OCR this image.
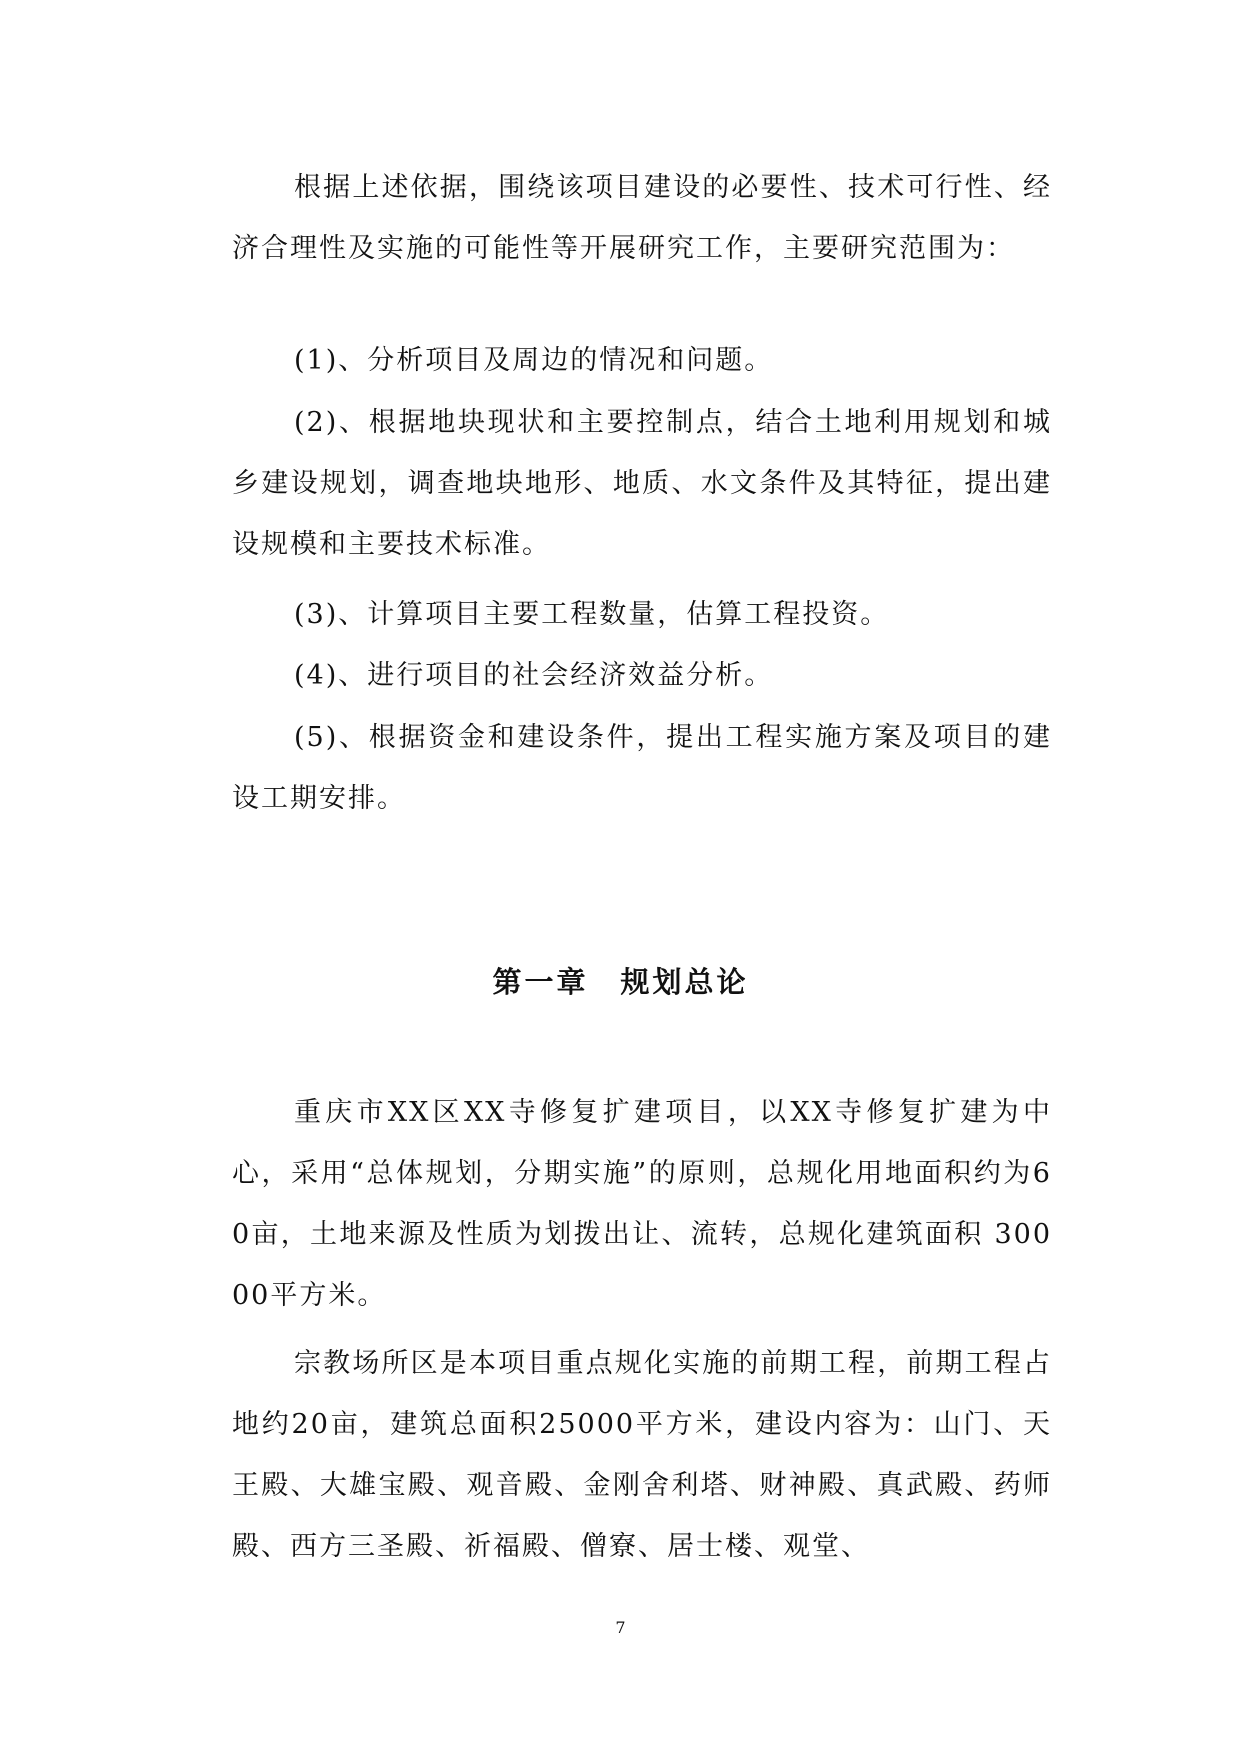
根据上述依据，围绕该项目建设的必要性、技术可行性、经济合理性及实施的可能性等开展研究工作，主要研究范围为：

(1)、分析项目及周边的情况和问题。

(2)、根据地块现状和主要控制点，结合土地利用规划和城乡建设规划，调查地块地形、地质、水文条件及其特征，提出建设规模和主要技术标准。

(3)、计算项目主要工程数量，估算工程投资。

(4)、进行项目的社会经济效益分析。

(5)、根据资金和建设条件，提出工程实施方案及项目的建设工期安排。

第一章　规划总论

重庆市XX区XX寺修复扩建项目，以XX寺修复扩建为中心，采用“总体规划，分期实施”的原则，总规化用地面积约为60亩，土地来源及性质为划拨出让、流转，总规化建筑面积 30000平方米。

宗教场所区是本项目重点规化实施的前期工程，前期工程占地约20亩，建筑总面积25000平方米，建设内容为：山门、天王殿、大雄宝殿、观音殿、金刚舍利塔、财神殿、真武殿、药师殿、西方三圣殿、祈福殿、僧寮、居士楼、观堂、

7
